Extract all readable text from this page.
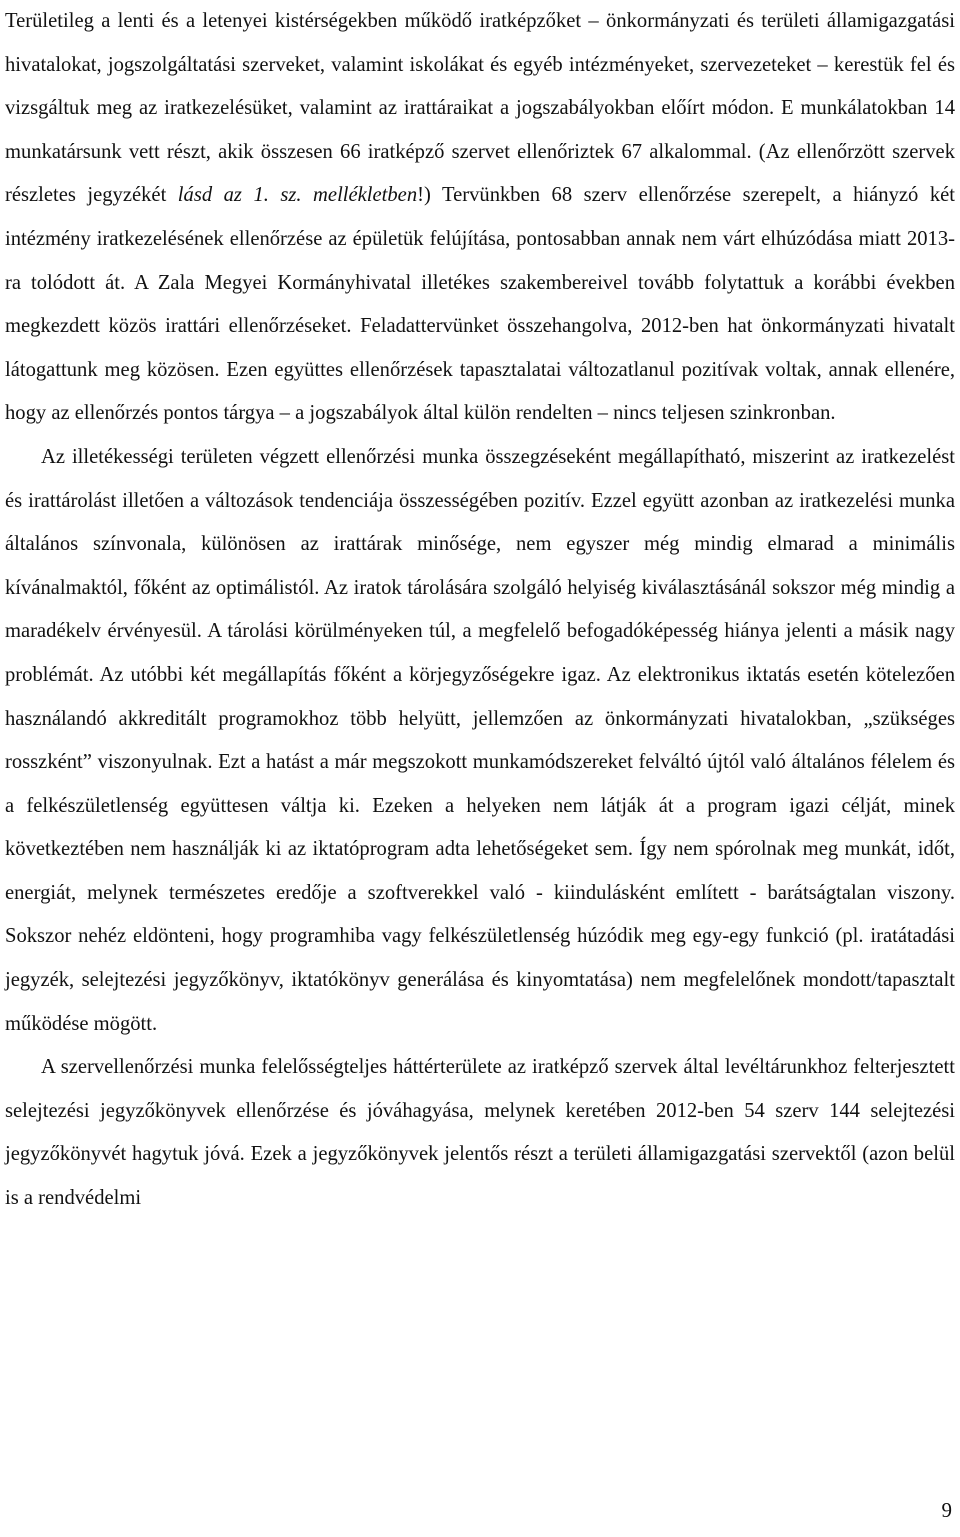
Területileg a lenti és a letenyei kistérségekben működő iratképzőket – önkormányzati és területi államigazgatási hivatalokat, jogszolgáltatási szerveket, valamint iskolákat és egyéb intézményeket, szervezeteket – kerestük fel és vizsgáltuk meg az iratkezelésüket, valamint az irattáraikat a jogszabályokban előírt módon. E munkálatokban 14 munkatársunk vett részt, akik összesen 66 iratképző szervet ellenőriztek 67 alkalommal. (Az ellenőrzött szervek részletes jegyzékét lásd az 1. sz. mellékletben!) Tervünkben 68 szerv ellenőrzése szerepelt, a hiányzó két intézmény iratkezelésének ellenőrzése az épületük felújítása, pontosabban annak nem várt elhúzódása miatt 2013-ra tolódott át. A Zala Megyei Kormányhivatal illetékes szakembereivel tovább folytattuk a korábbi években megkezdett közös irattári ellenőrzéseket. Feladattervünket összehangolva, 2012-ben hat önkormányzati hivatalt látogattunk meg közösen. Ezen együttes ellenőrzések tapasztalatai változatlanul pozitívak voltak, annak ellenére, hogy az ellenőrzés pontos tárgya – a jogszabályok által külön rendelten – nincs teljesen szinkronban.

Az illetékességi területen végzett ellenőrzési munka összegzéseként megállapítható, miszerint az iratkezelést és irattárolást illetően a változások tendenciája összességében pozitív. Ezzel együtt azonban az iratkezelési munka általános színvonala, különösen az irattárak minősége, nem egyszer még mindig elmarad a minimális kívánalmaktól, főként az optimálistól. Az iratok tárolására szolgáló helyiség kiválasztásánál sokszor még mindig a maradékelv érvényesül. A tárolási körülményeken túl, a megfelelő befogadóképesség hiánya jelenti a másik nagy problémát. Az utóbbi két megállapítás főként a körjegyzőségekre igaz. Az elektronikus iktatás esetén kötelezően használandó akkreditált programokhoz több helyütt, jellemzően az önkormányzati hivatalokban, „szükséges rosszként” viszonyulnak. Ezt a hatást a már megszokott munkamódszereket felváltó újtól való általános félelem és a felkészületlenség együttesen váltja ki. Ezeken a helyeken nem látják át a program igazi célját, minek következtében nem használják ki az iktatóprogram adta lehetőségeket sem. Így nem spórolnak meg munkát, időt, energiát, melynek természetes eredője a szoftverekkel való - kiindulásként említett - barátságtalan viszony. Sokszor nehéz eldönteni, hogy programhiba vagy felkészületlenség húzódik meg egy-egy funkció (pl. iratátadási jegyzék, selejtezési jegyzőkönyv, iktatókönyv generálása és kinyomtatása) nem megfelelőnek mondott/tapasztalt működése mögött.

A szervellenőrzési munka felelősségteljes háttérterülete az iratképző szervek által levéltárunkhoz felterjesztett selejtezési jegyzőkönyvek ellenőrzése és jóváhagyása, melynek keretében 2012-ben 54 szerv 144 selejtezési jegyzőkönyvét hagytuk jóvá. Ezek a jegyzőkönyvek jelentős részt a területi államigazgatási szervektől (azon belül is a rendvédelmi

9
